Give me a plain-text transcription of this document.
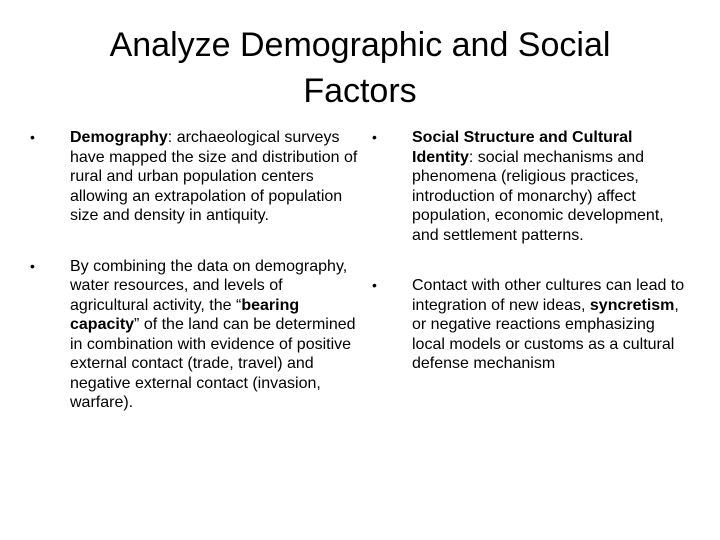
Analyze Demographic and Social Factors
•	Demography: archaeological surveys have mapped the size and distribution of rural and urban population centers allowing an extrapolation of population size and density in antiquity.
•	By combining the data on demography, water resources, and levels of agricultural activity, the “bearing capacity” of the land can be determined in combination with evidence of positive external contact (trade, travel) and negative external contact (invasion, warfare).
•	Social Structure and Cultural Identity: social mechanisms and phenomena (religious practices, introduction of monarchy) affect population, economic development, and settlement patterns.
•	Contact with other cultures can lead to integration of new ideas, syncretism, or negative reactions emphasizing local models or customs as a cultural defense mechanism
